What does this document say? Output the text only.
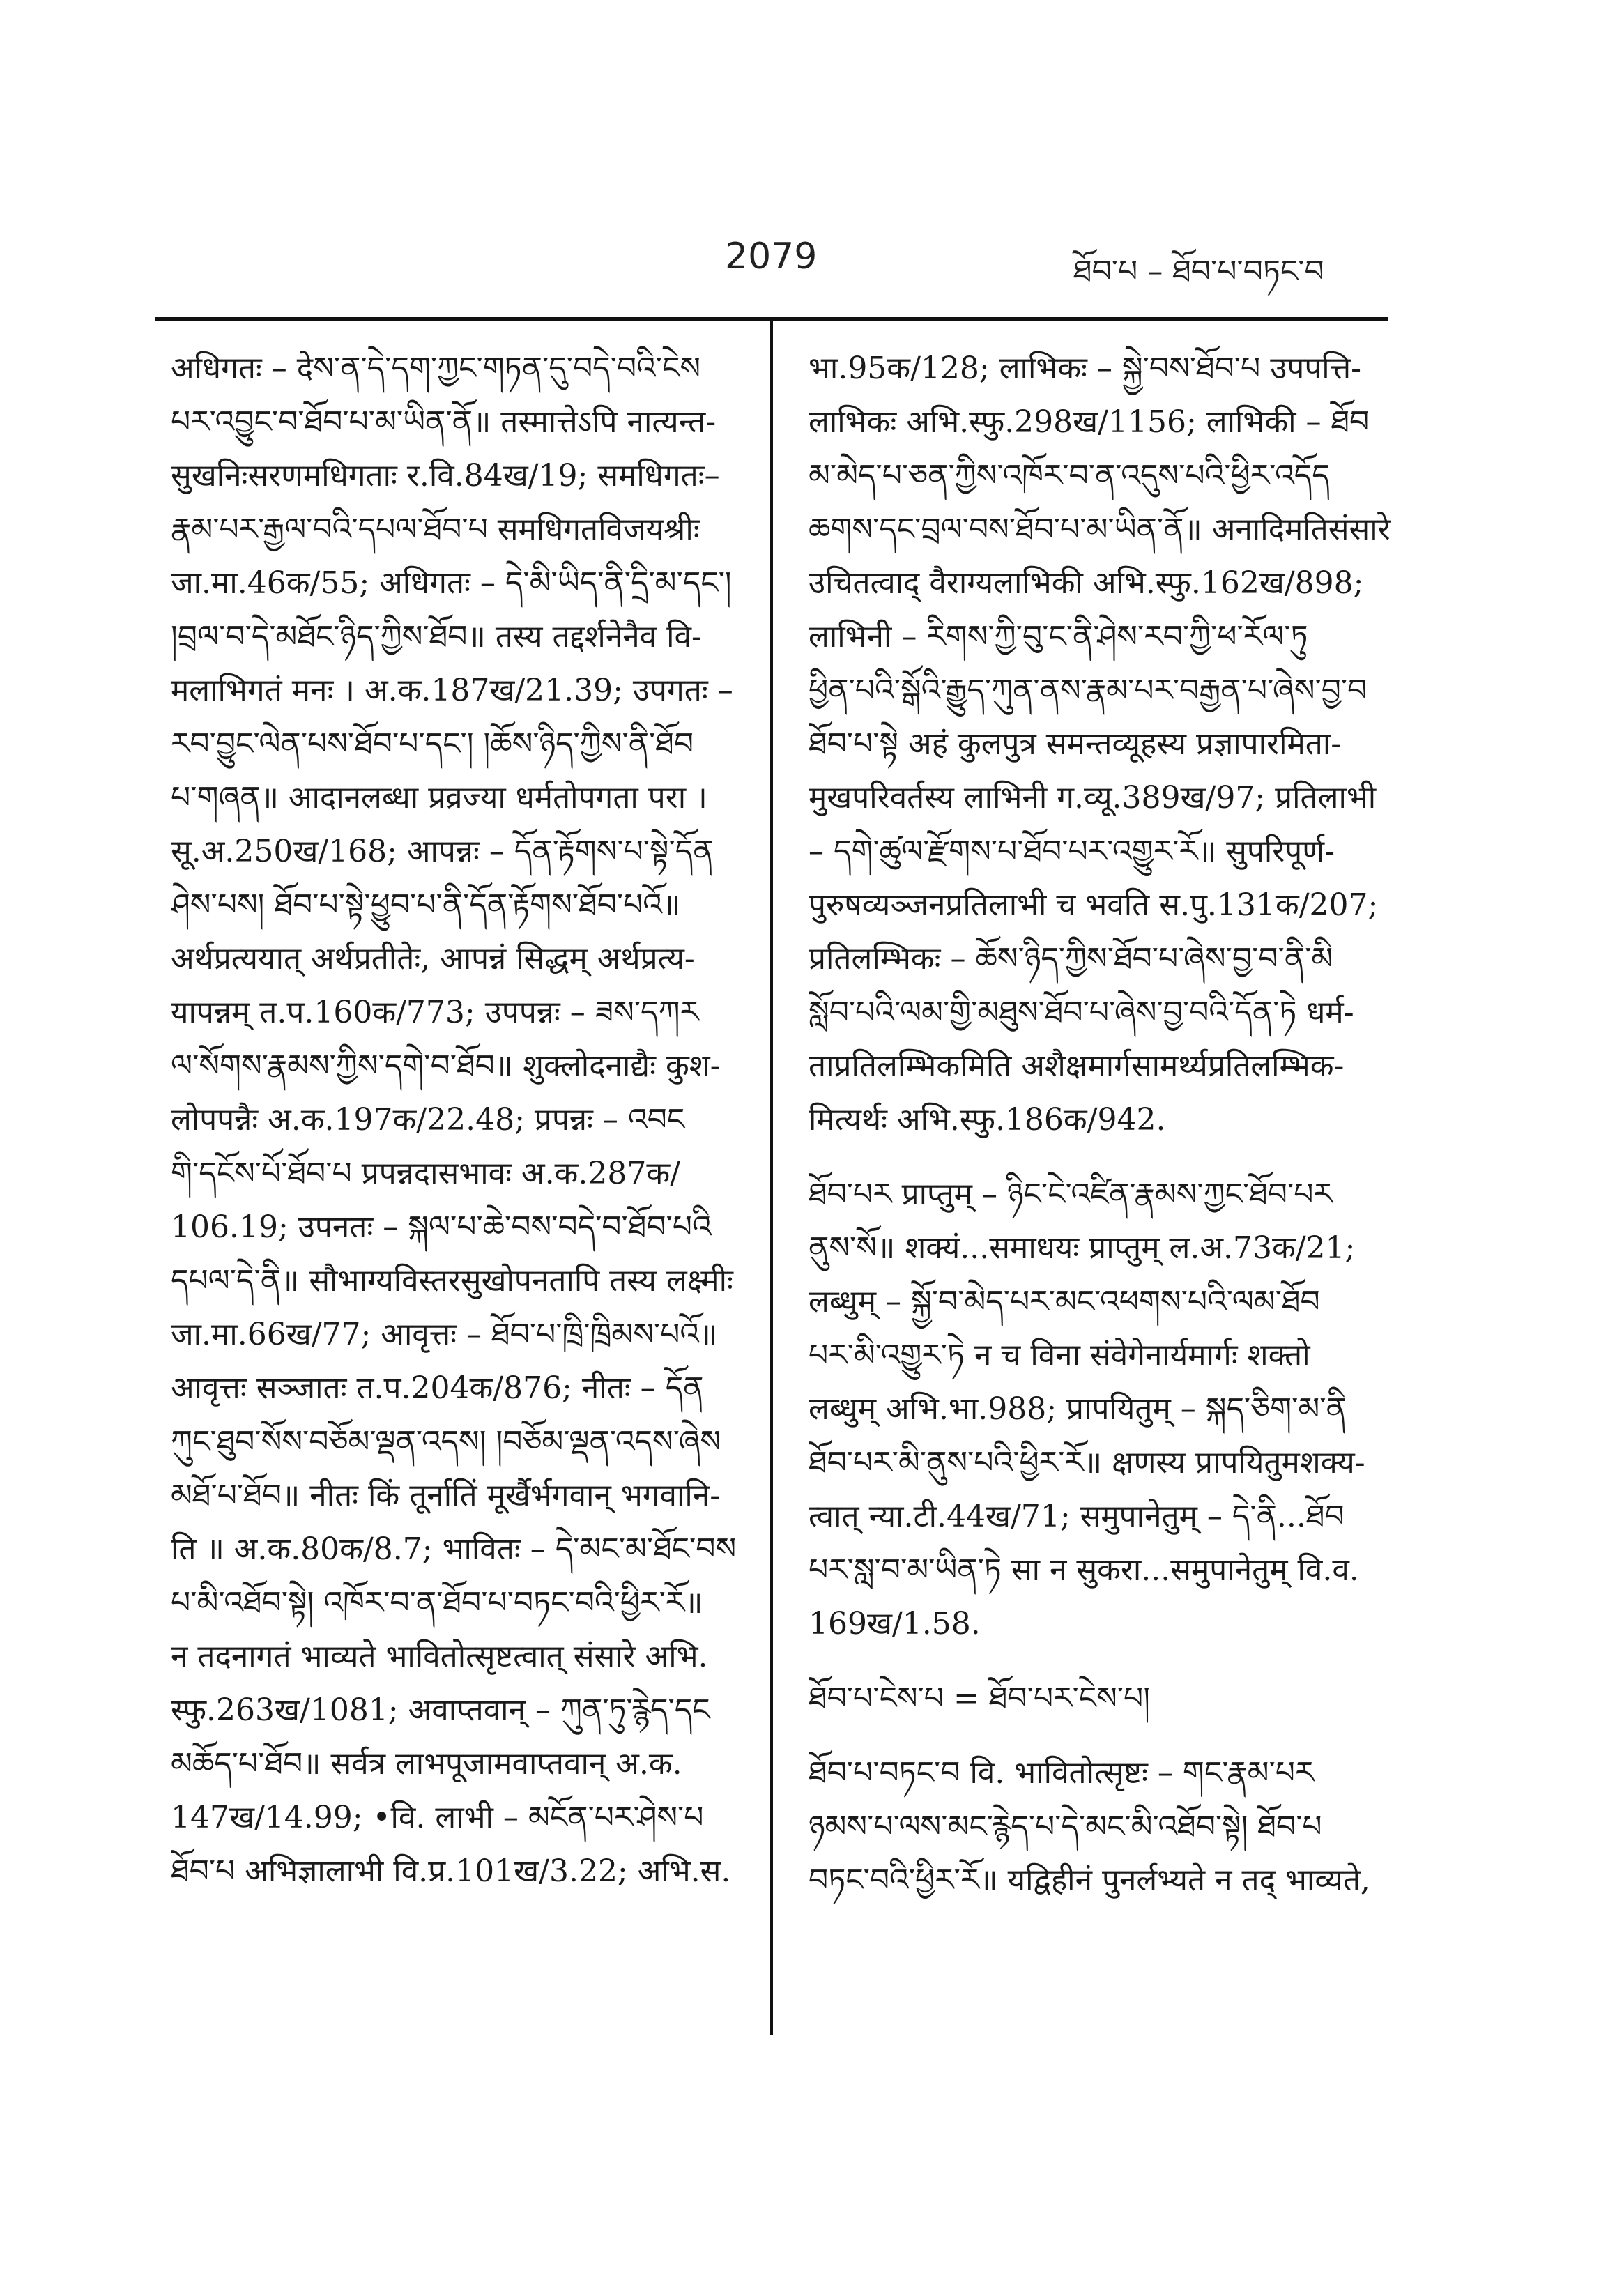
2079	ཐོབ་པ – ཐོབ་པ་བཏང་བ
अधिगतः – देས་ན་དེ་དག་ཀྱང་གཏན་དུ་བདེ་བའི་ངེས
པར་འབྱུང་བ་ཐོབ་པ་མ་ཡིན་ནོ॥ तस्मात्तेऽपि नात्यन्त-
सुखनिःसरणमधिगताः र.वि.84ख/19; समधिगतः–
རྣམ་པར་རྒྱལ་བའི་དཔལ་ཐོབ་པ समधिगतविजयश्रीः
जा.मा.46क/55; अधिगतः – དེ་མི་ཡིད་ནི་དྲི་མ་དང་།
།བྲལ་བ་དེ་མཐོང་ཉིད་ཀྱིས་ཐོབ॥ तस्य तद्दर्शनेनैव वि-
मलाभिगतं मनः । अ.क.187ख/21.39; उपगतः –
རབ་བྱུང་ལེན་པས་ཐོབ་པ་དང་། །ཆོས་ཉིད་ཀྱིས་ནི་ཐོབ
པ་གཞན॥ आदानलब्धा प्रव्रज्या धर्मतोपगता परा ।
सू.अ.250ख/168; आपन्नः – དོན་རྟོགས་པ་སྟེ་དོན
ཤེས་པས། ཐོབ་པ་སྟེ་ཕྱུབ་པ་ནི་དོན་རྟོགས་ཐོབ་པའོ॥
अर्थप्रत्ययात् अर्थप्रतीतेः, आपन्नं सिद्धम् अर्थप्रत्य-
यापन्नम् त.प.160क/773; उपपन्नः – ཟས་དཀར
ལ་སོགས་རྣམས་ཀྱིས་དགེ་བ་ཐོབ॥ शुक्लोदनाद्यैः कुश-
लोपपन्नैः अ.क.197क/22.48; प्रपन्नः – འབང
གི་དངོས་པོ་ཐོབ་པ प्रपन्नदासभावः अ.क.287क/
106.19; उपनतः – སྐལ་པ་ཆེ་བས་བདེ་བ་ཐོབ་པའི
དཔལ་དེ་ནི॥ सौभाग्यविस्तरसुखोपनतापि तस्य लक्ष्मीः
जा.मा.66ख/77; आवृत्तः – ཐོབ་པ་ཁྲི་ཁྲིམས་པའོ॥
आवृत्तः सञ्जातः त.प.204क/876; नीतः – དོན
ཀུང་ཐུབ་སོས་བཅོམ་ལྡན་འདས། །བཅོམ་ལྡན་འདས་ཞེས
མཐོ་པ་ཐོབ॥ नीतः किं तूर्नातिं मूर्खैर्भगवान् भगवानि-
ति ॥ अ.क.80क/8.7; भावितः – དེ་མང་མ་ཐོང་བས
པ་མི་འཐོབ་སྟེ། འཁོར་བ་ན་ཐོབ་པ་བཏང་བའི་ཕྱིར་རོ॥
न तदनागतं भाव्यते भावितोत्सृष्टत्वात् संसारे अभि.
स्फु.263ख/1081; अवाप्तवान् – ཀུན་ཏུ་རྙེད་དང
མཆོད་པ་ཐོབ॥ सर्वत्र लाभपूजामवाप्तवान् अ.क.
147ख/14.99; •वि. लाभी – མངོན་པར་ཤེས་པ
ཐོབ་པ अभिज्ञालाभी वि.प्र.101ख/3.22; अभि.स.
भा.95क/128; लाभिकः – སྐྱེ་བས་ཐོབ་པ उपपत्ति-
लाभिकः अभि.स्फु.298ख/1156; लाभिकी – ཐོབ
མ་མེད་པ་ཅན་ཀྱིས་འཁོར་བ་ན་འདུས་པའི་ཕྱིར་འདོད
ཆགས་དང་བྲལ་བས་ཐོབ་པ་མ་ཡིན་ནོ॥ अनादिमतिसंसारे
उचितत्वाद् वैराग्यलाभिकी अभि.स्फु.162ख/898;
लाभिनी – རིགས་ཀྱི་བུ་ང་ནི་ཤེས་རབ་ཀྱི་ཕ་རོལ་ཏུ
ཕྱིན་པའི་སྒོའི་རྒྱུད་ཀུན་ནས་རྣམ་པར་བརྒྱན་པ་ཞེས་བྱ་བ
ཐོབ་པ་སྟེ अहं कुलपुत्र समन्तव्यूहस्य प्रज्ञापारमिता-
मुखपरिवर्तस्य लाभिनी ग.व्यू.389ख/97; प्रतिलाभी
– དགེ་ཚུལ་རྫོགས་པ་ཐོབ་པར་འགྱུར་རོ॥ सुपरिपूर्ण-
पुरुषव्यञ्जनप्रतिलाभी च भवति स.पु.131क/207;
प्रतिलम्भिकः – ཆོས་ཉིད་ཀྱིས་ཐོབ་པ་ཞེས་བྱ་བ་ནི་མི
སློབ་པའི་ལམ་གྱི་མཐུས་ཐོབ་པ་ཞེས་བྱ་བའི་དོན་ཏེ धर्म-
ताप्रतिलम्भिकमिति अशैक्षमार्गसामर्थ्यप्रतिलम्भिक-
मित्यर्थः अभि.स्फु.186क/942.
ཐོབ་པར प्राप्तुम् – ཉིང་ངེ་འཛིན་རྣམས་ཀྱང་ཐོབ་པར
ནུས་སོ॥ शक्यं...समाधयः प्राप्तुम् ल.अ.73क/21;
लब्धुम् – སྐྱོ་བ་མེད་པར་མང་འཕགས་པའི་ལམ་ཐོབ
པར་མི་འགྱུར་ཏེ न च विना संवेगेनार्यमार्गः शक्तो
लब्धुम् अभि.भा.988; प्रापयितुम् – སྐད་ཅིག་མ་ནི
ཐོབ་པར་མི་ནུས་པའི་ཕྱིར་རོ॥ क्षणस्य प्रापयितुमशक्य-
त्वात् न्या.टी.44ख/71; समुपानेतुम् – དེ་ནི...ཐོབ
པར་སླ་བ་མ་ཡིན་ཏེ सा न सुकरा...समुपानेतुम् वि.व.
169ख/1.58.
ཐོབ་པ་ངེས་པ = ཐོབ་པར་ངེས་པ།
ཐོབ་པ་བཏང་བ वि. भावितोत्सृष्टः – གང་རྣམ་པར
ཉམས་པ་ལས་མང་རྙེད་པ་དེ་མང་མི་འཐོབ་སྟེ། ཐོབ་པ
བཏང་བའི་ཕྱིར་རོ॥ यद्विहीनं पुनर्लभ्यते न तद् भाव्यते,
